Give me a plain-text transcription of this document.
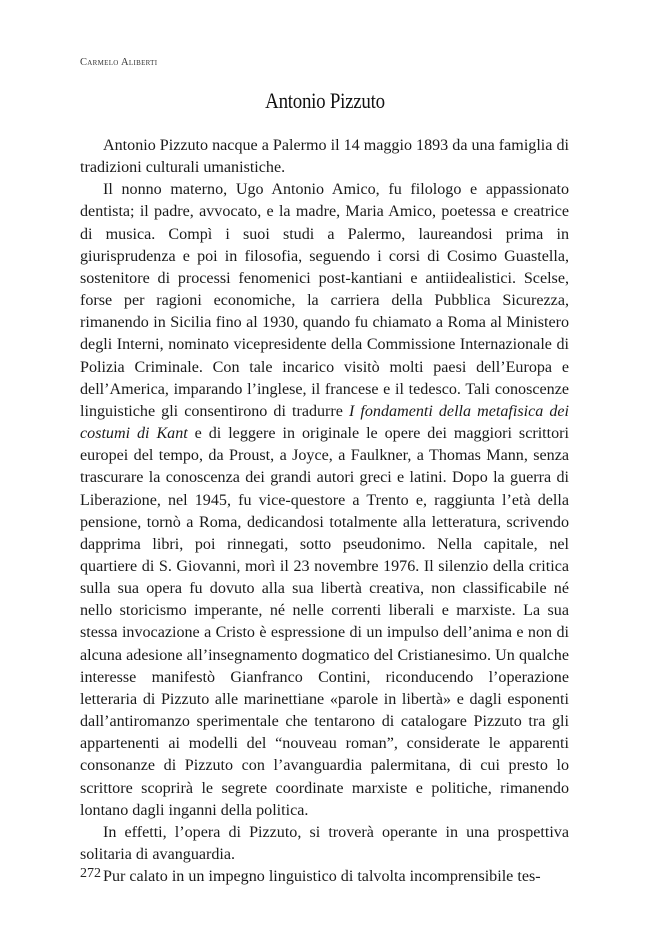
Carmelo Aliberti
Antonio Pizzuto

Antonio Pizzuto nacque a Palermo il 14 maggio 1893 da una famiglia di tradizioni culturali umanistiche.

Il nonno materno, Ugo Antonio Amico, fu filologo e appassionato dentista; il padre, avvocato, e la madre, Maria Amico, poetessa e creatrice di musica. Compì i suoi studi a Palermo, laureandosi prima in giurisprudenza e poi in filosofia, seguendo i corsi di Cosimo Guastella, sostenitore di processi fenomenici post-kantiani e antiidealistici. Scelse, forse per ragioni economiche, la carriera della Pubblica Sicurezza, rimanendo in Sicilia fino al 1930, quando fu chiamato a Roma al Ministero degli Interni, nominato vicepresidente della Commissione Internazionale di Polizia Criminale. Con tale incarico visitò molti paesi dell’Europa e dell’America, imparando l’inglese, il francese e il tedesco. Tali conoscenze linguistiche gli consentirono di tradurre I fondamenti della metafisica dei costumi di Kant e di leggere in originale le opere dei maggiori scrittori europei del tempo, da Proust, a Joyce, a Faulkner, a Thomas Mann, senza trascurare la conoscenza dei grandi autori greci e latini. Dopo la guerra di Liberazione, nel 1945, fu vice-questore a Trento e, raggiunta l’età della pensione, tornò a Roma, dedicandosi totalmente alla letteratura, scrivendo dapprima libri, poi rinnegati, sotto pseudonimo. Nella capitale, nel quartiere di S. Giovanni, morì il 23 novembre 1976. Il silenzio della critica sulla sua opera fu dovuto alla sua libertà creativa, non classificabile né nello storicismo imperante, né nelle correnti liberali e marxiste. La sua stessa invocazione a Cristo è espressione di un impulso dell’anima e non di alcuna adesione all’insegnamento dogmatico del Cristianesimo. Un qualche interesse manifestò Gianfranco Contini, riconducendo l’operazione letteraria di Pizzuto alle marinettiane «parole in libertà» e dagli esponenti dall’antiromanzo sperimentale che tentarono di catalogare Pizzuto tra gli appartenenti ai modelli del “nouveau roman”, considerate le apparenti consonanze di Pizzuto con l’avanguardia palermitana, di cui presto lo scrittore scoprirà le segrete coordinate marxiste e politiche, rimanendo lontano dagli inganni della politica.

In effetti, l’opera di Pizzuto, si troverà operante in una prospettiva solitaria di avanguardia.

Pur calato in un impegno linguistico di talvolta incomprensibile tes-

272
